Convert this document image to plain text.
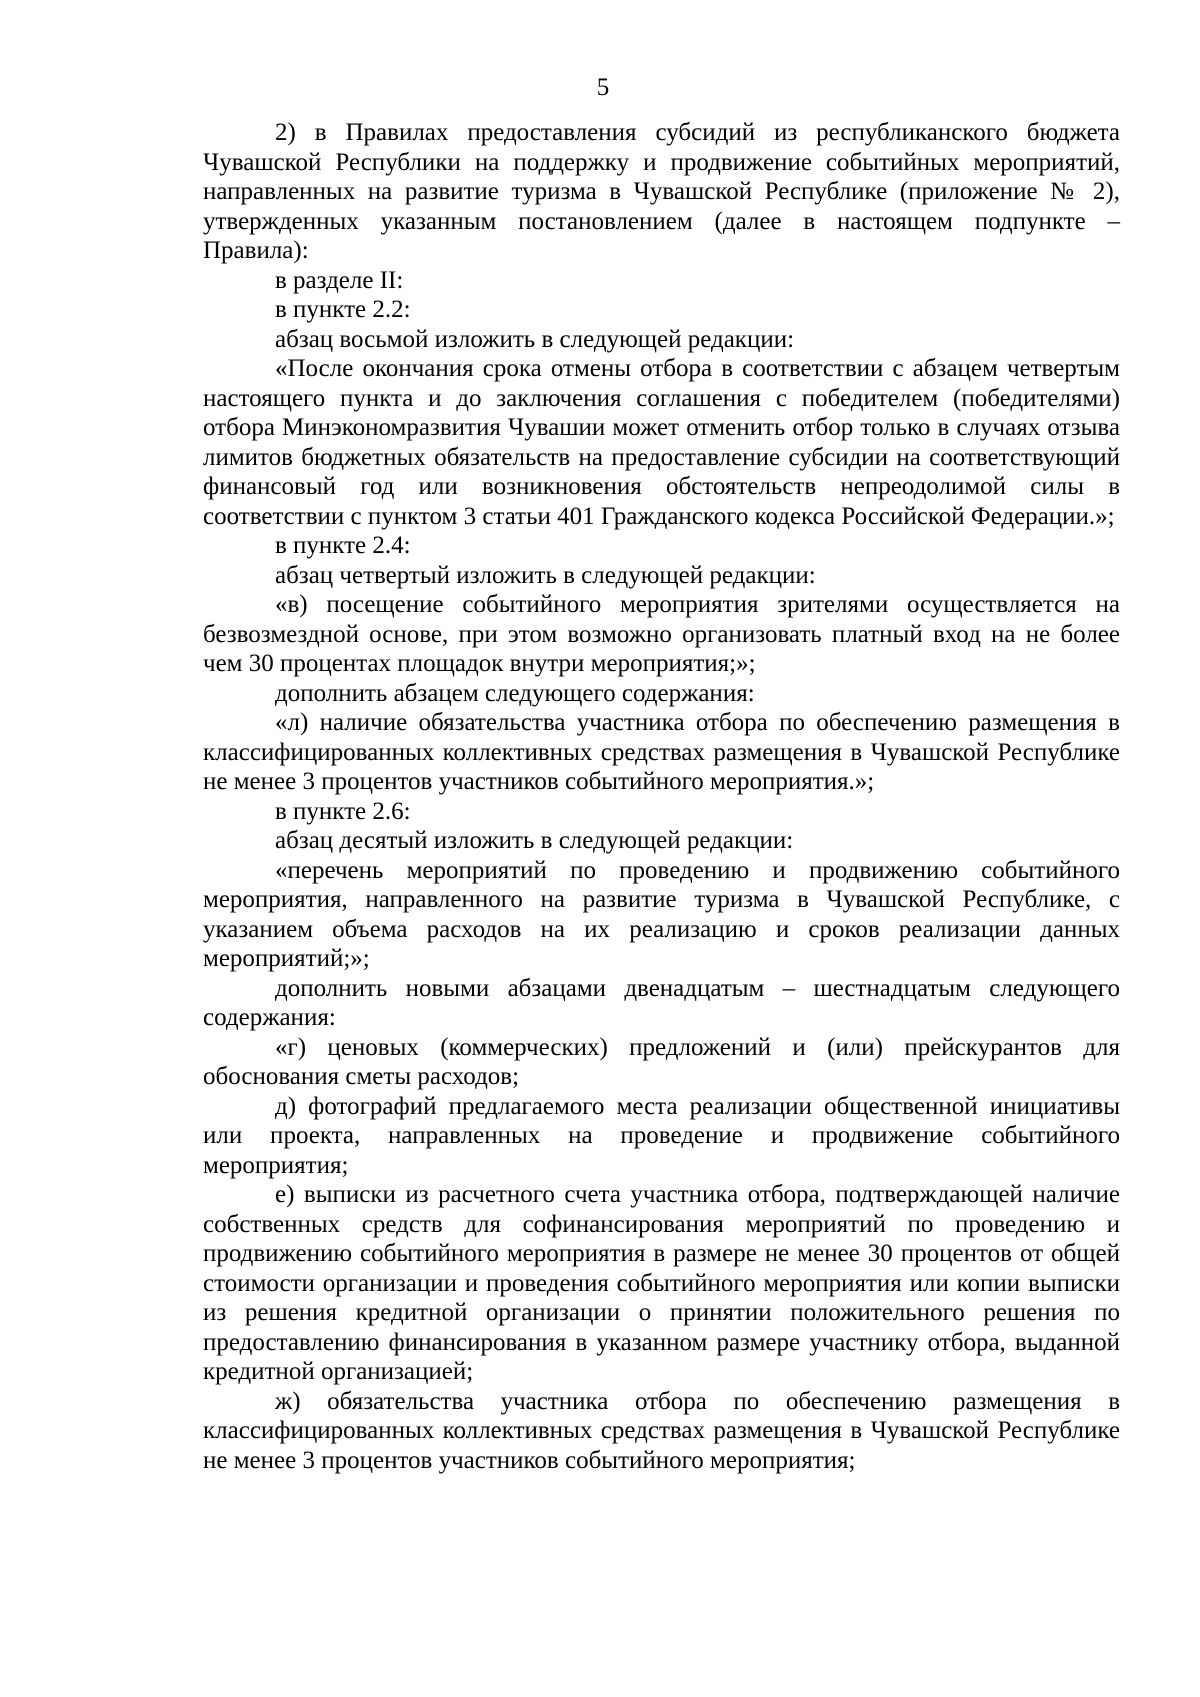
5

2) в Правилах предоставления субсидий из республиканского бюджета Чувашской Республики на поддержку и продвижение событийных мероприятий, направленных на развитие туризма в Чувашской Республике (приложение № 2), утвержденных указанным постановлением (далее в настоящем подпункте – Правила):

в разделе II:

в пункте 2.2:

абзац восьмой изложить в следующей редакции:

«После окончания срока отмены отбора в соответствии с абзацем четвертым настоящего пункта и до заключения соглашения с победителем (победителями) отбора Минэкономразвития Чувашии может отменить отбор только в случаях отзыва лимитов бюджетных обязательств на предоставление субсидии на соответствующий финансовый год или возникновения обстоятельств непреодолимой силы в соответствии с пунктом 3 статьи 401 Гражданского кодекса Российской Федерации.»;

в пункте 2.4:

абзац четвертый изложить в следующей редакции:

«в) посещение событийного мероприятия зрителями осуществляется на безвозмездной основе, при этом возможно организовать платный вход на не более чем 30 процентах площадок внутри мероприятия;»;

дополнить абзацем следующего содержания:

«л) наличие обязательства участника отбора по обеспечению размещения в классифицированных коллективных средствах размещения в Чувашской Республике не менее 3 процентов участников событийного мероприятия.»;

в пункте 2.6:

абзац десятый изложить в следующей редакции:

«перечень мероприятий по проведению и продвижению событийного мероприятия, направленного на развитие туризма в Чувашской Республике, с указанием объема расходов на их реализацию и сроков реализации данных мероприятий;»;

дополнить новыми абзацами двенадцатым – шестнадцатым следующего содержания:

«г) ценовых (коммерческих) предложений и (или) прейскурантов для обоснования сметы расходов;

д) фотографий предлагаемого места реализации общественной инициативы или проекта, направленных на проведение и продвижение событийного мероприятия;

е) выписки из расчетного счета участника отбора, подтверждающей наличие собственных средств для софинансирования мероприятий по проведению и продвижению событийного мероприятия в размере не менее 30 процентов от общей стоимости организации и проведения событийного мероприятия или копии выписки из решения кредитной организации о принятии положительного решения по предоставлению финансирования в указанном размере участнику отбора, выданной кредитной организацией;

ж) обязательства участника отбора по обеспечению размещения в классифицированных коллективных средствах размещения в Чувашской Республике не менее 3 процентов участников событийного мероприятия;
